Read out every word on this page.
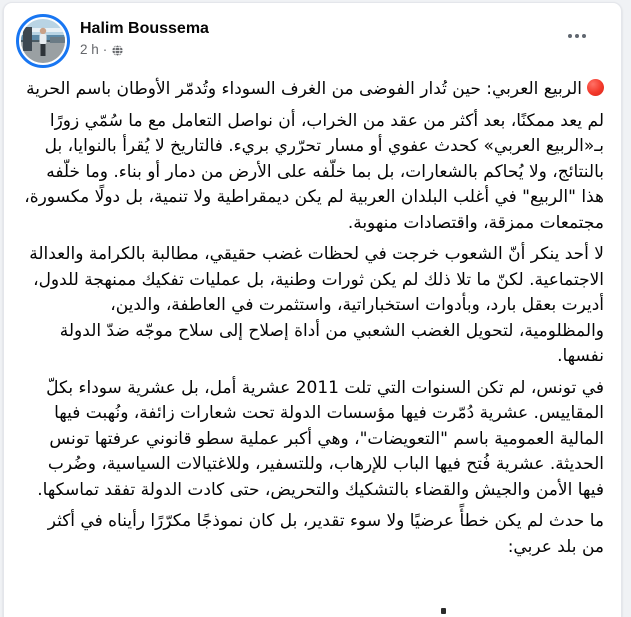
Halim Boussema
2 h ·

الربيع العربي: حين تُدار الفوضى من الغرف السوداء وتُدمّر الأوطان باسم الحرية

لم يعد ممكنًا، بعد أكثر من عقد من الخراب، أن نواصل التعامل مع ما سُمّي زورًا بـ«الربيع العربي» كحدث عفوي أو مسار تحرّري بريء. فالتاريخ لا يُقرأ بالنوايا، بل بالنتائج، ولا يُحاكم بالشعارات، بل بما خلّفه على الأرض من دمار أو بناء. وما خلّفه هذا "الربيع" في أغلب البلدان العربية لم يكن ديمقراطية ولا تنمية، بل دولًا مكسورة، مجتمعات ممزقة، واقتصادات منهوبة.

لا أحد ينكر أنّ الشعوب خرجت في لحظات غضب حقيقي، مطالبة بالكرامة والعدالة الاجتماعية. لكنّ ما تلا ذلك لم يكن ثورات وطنية، بل عمليات تفكيك ممنهجة للدول، أديرت بعقل بارد، وبأدوات استخباراتية، واستثمرت في العاطفة، والدين، والمظلومية، لتحويل الغضب الشعبي من أداة إصلاح إلى سلاح موجّه ضدّ الدولة نفسها.

في تونس، لم تكن السنوات التي تلت 2011 عشرية أمل، بل عشرية سوداء بكلّ المقاييس. عشرية دُمّرت فيها مؤسسات الدولة تحت شعارات زائفة، ونُهبت فيها المالية العمومية باسم "التعويضات"، وهي أكبر عملية سطو قانوني عرفتها تونس الحديثة. عشرية فُتح فيها الباب للإرهاب، وللتسفير، وللاغتيالات السياسية، وضُرب فيها الأمن والجيش والقضاء بالتشكيك والتحريض، حتى كادت الدولة تفقد تماسكها.

ما حدث لم يكن خطأً عرضيًا ولا سوء تقدير، بل كان نموذجًا مكرّرًا رأيناه في أكثر من بلد عربي:
